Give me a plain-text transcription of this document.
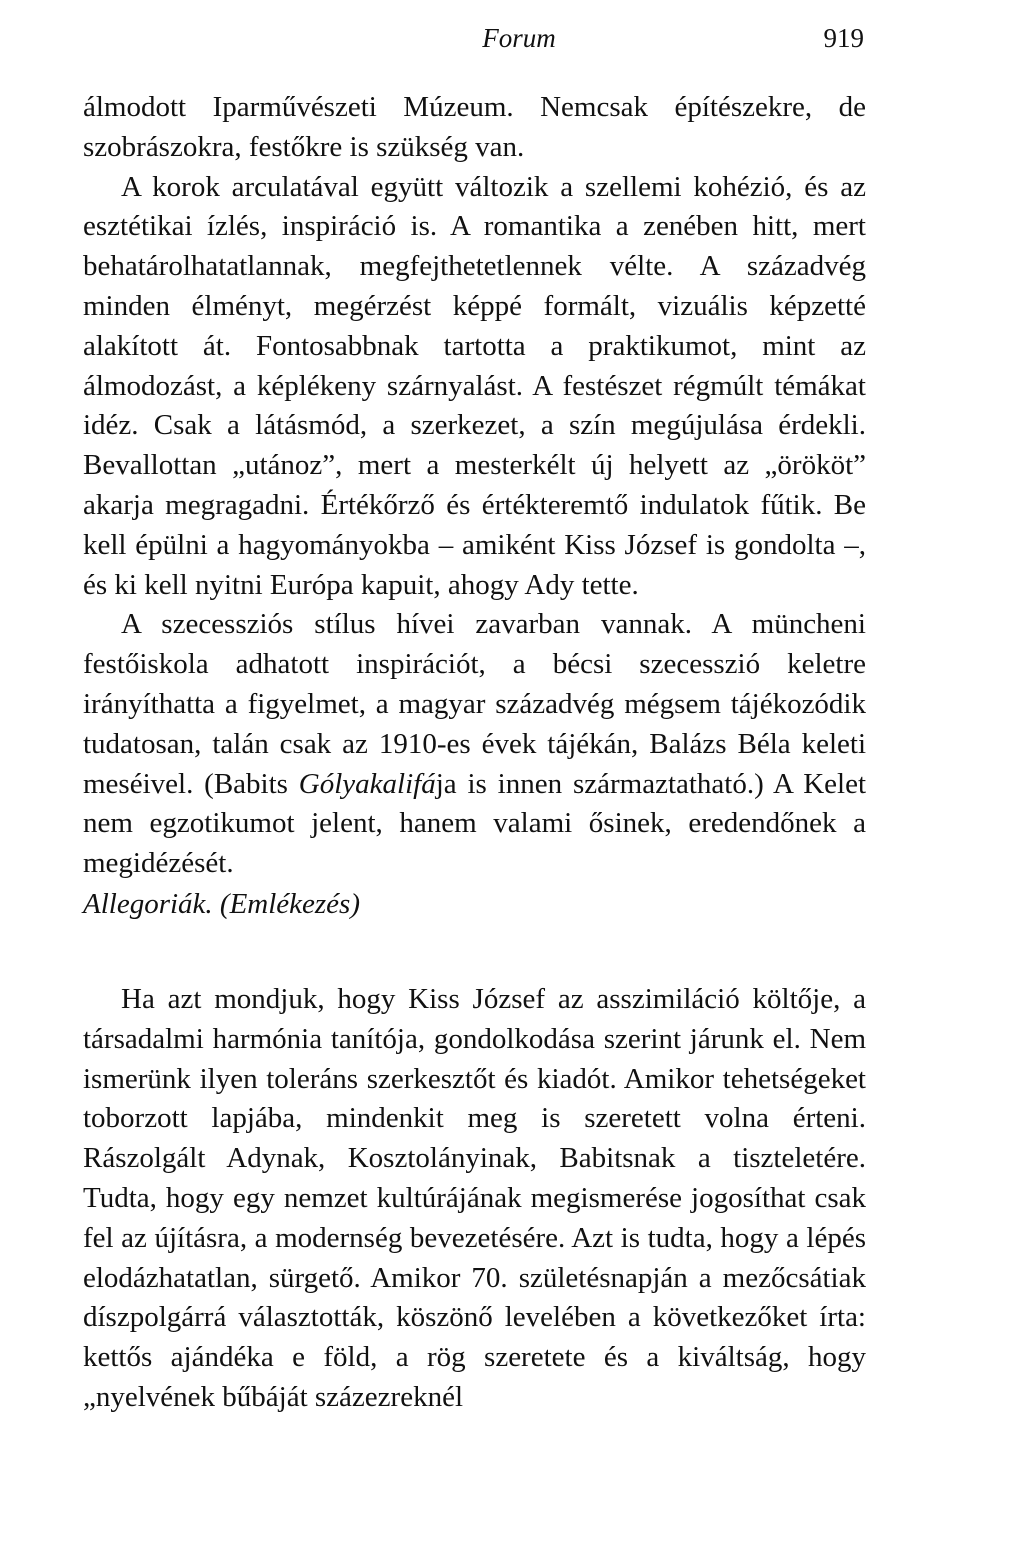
Forum	919

álmodott Iparművészeti Múzeum. Nemcsak építészekre, de szobrászokra, festőkre is szükség van.

A korok arculatával együtt változik a szellemi kohézió, és az esztétikai ízlés, inspiráció is. A romantika a zenében hitt, mert behatárolhatatlannak, megfejthetetlennek vélte. A századvég minden élményt, megérzést képpé formált, vizuális képzetté alakított át. Fontosabbnak tartotta a praktikumot, mint az álmodozást, a képlékeny szárnyalást. A festészet régmúlt témákat idéz. Csak a látásmód, a szerkezet, a szín megújulása érdekli. Bevallottan „utánoz”, mert a mesterkélt új helyett az „örököt” akarja megragadni. Értékőrző és értékteremtő indulatok fűtik. Be kell épülni a hagyományokba – amiként Kiss József is gondolta –, és ki kell nyitni Európa kapuit, ahogy Ady tette.

A szecessziós stílus hívei zavarban vannak. A müncheni festőiskola adhatott inspirációt, a bécsi szecesszió keletre irányíthatta a figyelmet, a magyar századvég mégsem tájékozódik tudatosan, talán csak az 1910-es évek tájékán, Balázs Béla keleti meséivel. (Babits Gólyakalifája is innen származtatható.) A Kelet nem egzotikumot jelent, hanem valami ősinek, eredendőnek a megidézését.

Allegoriák. (Emlékezés)

Ha azt mondjuk, hogy Kiss József az asszimiláció költője, a társadalmi harmónia tanítója, gondolkodása szerint járunk el. Nem ismerünk ilyen toleráns szerkesztőt és kiadót. Amikor tehetségeket toborzott lapjába, mindenkit meg is szeretett volna érteni. Rászolgált Adynak, Kosztolányinak, Babitsnak a tiszteletére. Tudta, hogy egy nemzet kultúrájának megismerése jogosíthat csak fel az újításra, a modernség bevezetésére. Azt is tudta, hogy a lépés elodázhatatlan, sürgető. Amikor 70. születésnapján a mezőcsátiak díszpolgárrá választották, köszönő levelében a következőket írta: kettős ajándéka e föld, a rög szeretete és a kiváltság, hogy „nyelvének bűbáját százezreknél
